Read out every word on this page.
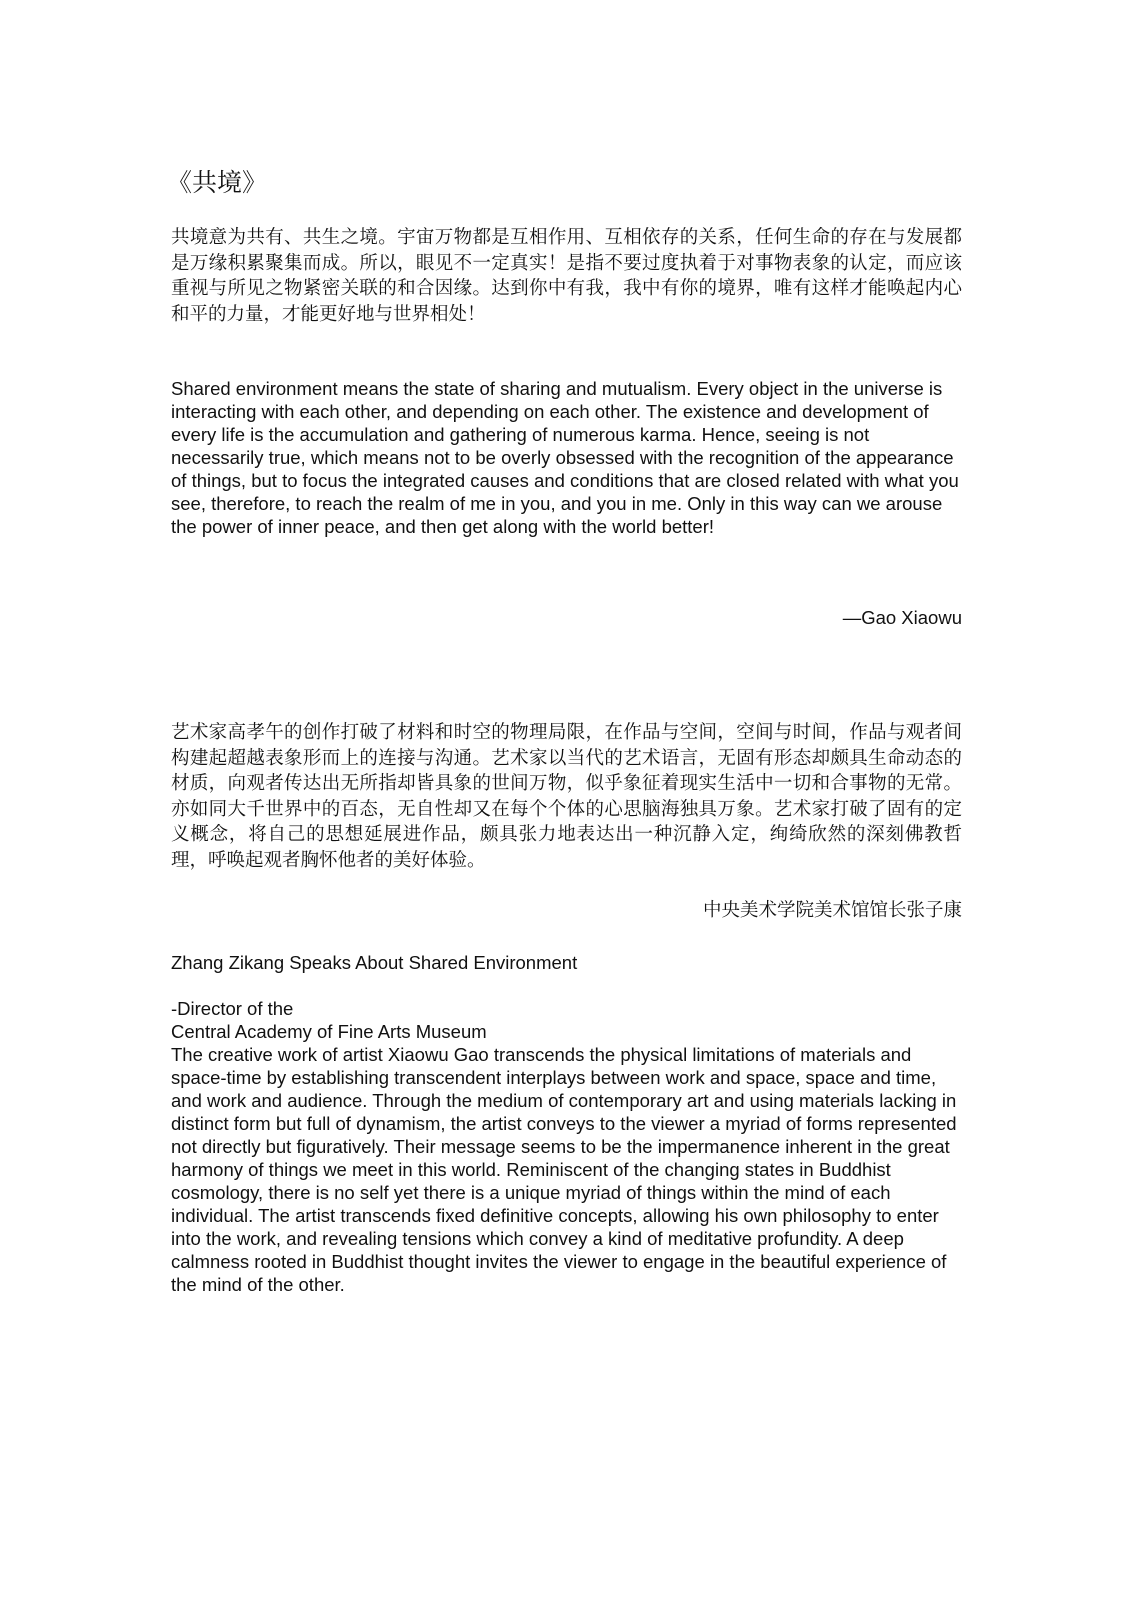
《共境》

共境意为共有、共生之境。宇宙万物都是互相作用、互相依存的关系，任何生命的存在与发展都是万缘积累聚集而成。所以，眼见不一定真实！是指不要过度执着于对事物表象的认定，而应该重视与所见之物紧密关联的和合因缘。达到你中有我，我中有你的境界，唯有这样才能唤起内心和平的力量，才能更好地与世界相处！

Shared environment means the state of sharing and mutualism. Every object in the universe is interacting with each other, and depending on each other. The existence and development of every life is the accumulation and gathering of numerous karma. Hence, seeing is not necessarily true, which means not to be overly obsessed with the recognition of the appearance of things, but to focus the integrated causes and conditions that are closed related with what you see, therefore, to reach the realm of me in you, and you in me. Only in this way can we arouse the power of inner peace, and then get along with the world better!

—Gao Xiaowu

艺术家高孝午的创作打破了材料和时空的物理局限，在作品与空间，空间与时间，作品与观者间构建起超越表象形而上的连接与沟通。艺术家以当代的艺术语言，无固有形态却颇具生命动态的材质，向观者传达出无所指却皆具象的世间万物，似乎象征着现实生活中一切和合事物的无常。亦如同大千世界中的百态，无自性却又在每个个体的心思脑海独具万象。艺术家打破了固有的定义概念，将自己的思想延展进作品，颇具张力地表达出一种沉静入定，绚绮欣然的深刻佛教哲理，呼唤起观者胸怀他者的美好体验。

中央美术学院美术馆馆长张子康

Zhang Zikang Speaks About Shared Environment

-Director of the
Central Academy of Fine Arts Museum

The creative work of artist Xiaowu Gao transcends the physical limitations of materials and space-time by establishing transcendent interplays between work and space, space and time, and work and audience. Through the medium of contemporary art and using materials lacking in distinct form but full of dynamism, the artist conveys to the viewer a myriad of forms represented not directly but figuratively. Their message seems to be the impermanence inherent in the great harmony of things we meet in this world. Reminiscent of the changing states in Buddhist cosmology, there is no self yet there is a unique myriad of things within the mind of each individual. The artist transcends fixed definitive concepts, allowing his own philosophy to enter into the work, and revealing tensions which convey a kind of meditative profundity. A deep calmness rooted in Buddhist thought invites the viewer to engage in the beautiful experience of the mind of the other.
